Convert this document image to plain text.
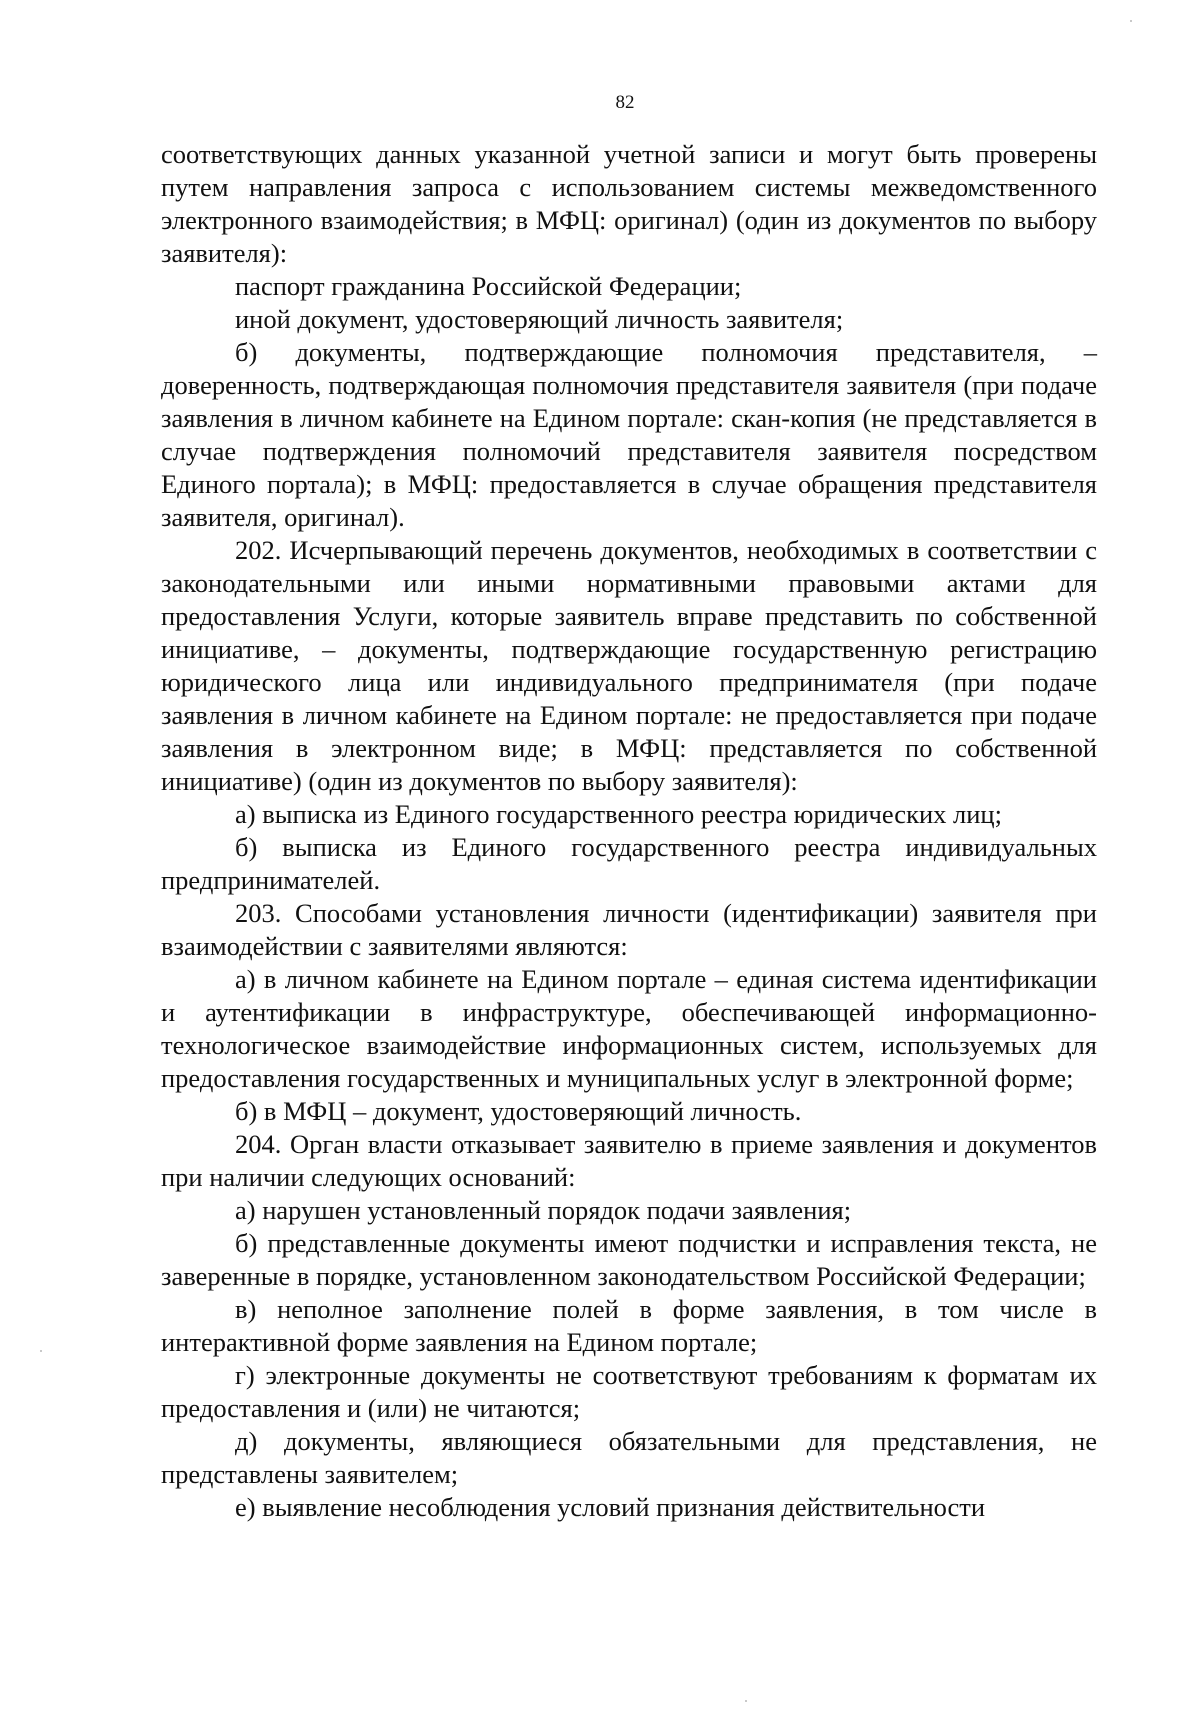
82

соответствующих данных указанной учетной записи и могут быть проверены путем направления запроса с использованием системы межведомственного электронного взаимодействия; в МФЦ: оригинал) (один из документов по выбору заявителя):

паспорт гражданина Российской Федерации;

иной документ, удостоверяющий личность заявителя;

б) документы, подтверждающие полномочия представителя, – доверенность, подтверждающая полномочия представителя заявителя (при подаче заявления в личном кабинете на Едином портале: скан-копия (не представляется в случае подтверждения полномочий представителя заявителя посредством Единого портала); в МФЦ: предоставляется в случае обращения представителя заявителя, оригинал).

202. Исчерпывающий перечень документов, необходимых в соответствии с законодательными или иными нормативными правовыми актами для предоставления Услуги, которые заявитель вправе представить по собственной инициативе, – документы, подтверждающие государственную регистрацию юридического лица или индивидуального предпринимателя (при подаче заявления в личном кабинете на Едином портале: не предоставляется при подаче заявления в электронном виде; в МФЦ: представляется по собственной инициативе) (один из документов по выбору заявителя):

а) выписка из Единого государственного реестра юридических лиц;

б) выписка из Единого государственного реестра индивидуальных предпринимателей.

203. Способами установления личности (идентификации) заявителя при взаимодействии с заявителями являются:

а) в личном кабинете на Едином портале – единая система идентификации и аутентификации в инфраструктуре, обеспечивающей информационно-технологическое взаимодействие информационных систем, используемых для предоставления государственных и муниципальных услуг в электронной форме;

б) в МФЦ – документ, удостоверяющий личность.

204. Орган власти отказывает заявителю в приеме заявления и документов при наличии следующих оснований:

а) нарушен установленный порядок подачи заявления;

б) представленные документы имеют подчистки и исправления текста, не заверенные в порядке, установленном законодательством Российской Федерации;

в) неполное заполнение полей в форме заявления, в том числе в интерактивной форме заявления на Едином портале;

г) электронные документы не соответствуют требованиям к форматам их предоставления и (или) не читаются;

д) документы, являющиеся обязательными для представления, не представлены заявителем;

е) выявление несоблюдения условий признания действительности
